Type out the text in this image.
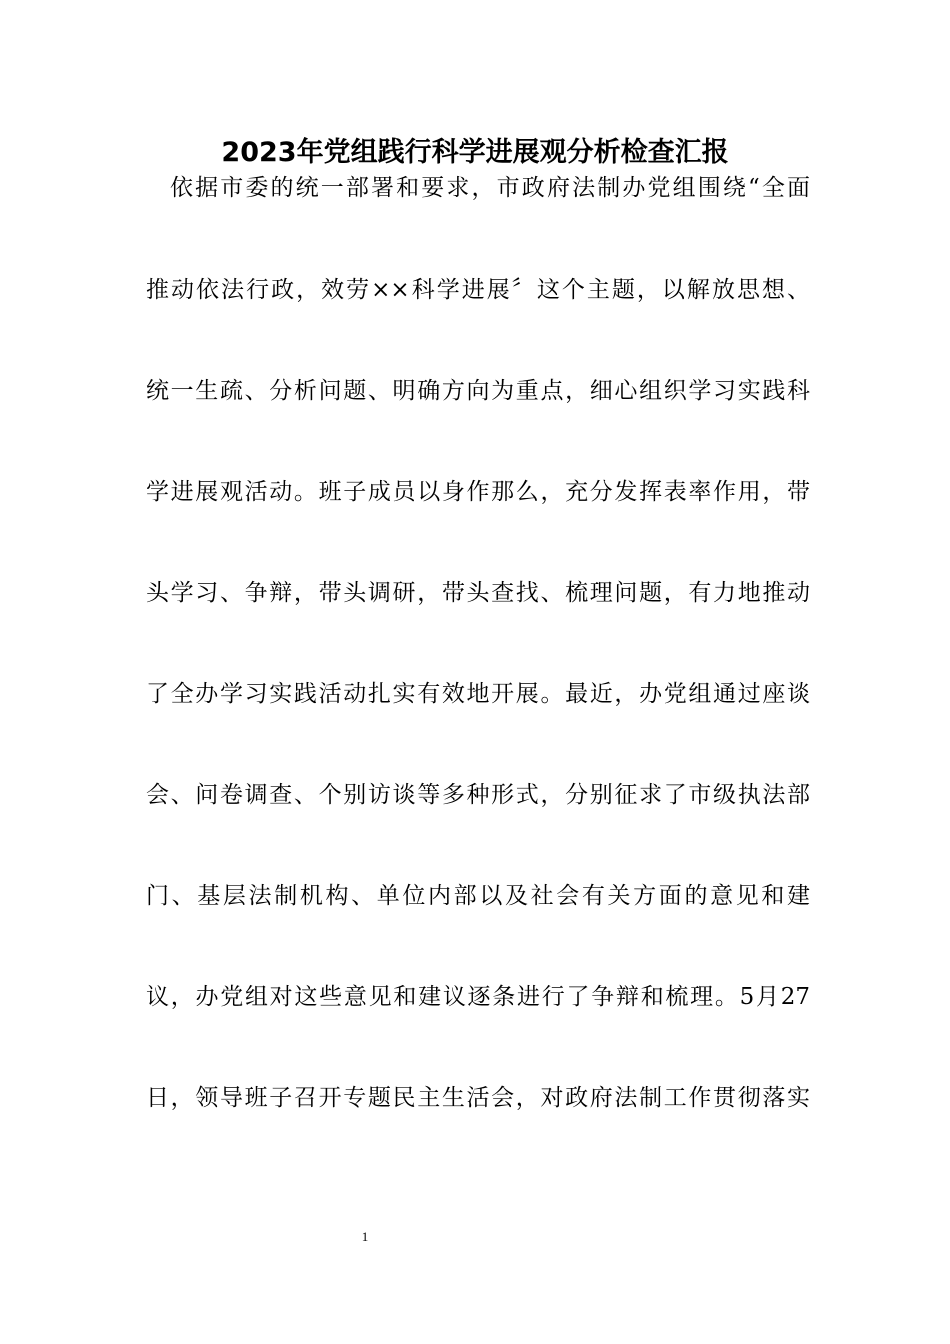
2023年党组践行科学进展观分析检查汇报
依据市委的统一部署和要求，市政府法制办党组围绕“全面
推动依法行政，效劳××科学进展〞这个主题，以解放思想、
统一生疏、分析问题、明确方向为重点，细心组织学习实践科
学进展观活动。班子成员以身作那么，充分发挥表率作用，带
头学习、争辩，带头调研，带头查找、梳理问题，有力地推动
了全办学习实践活动扎实有效地开展。最近，办党组通过座谈
会、问卷调查、个别访谈等多种形式，分别征求了市级执法部
门、基层法制机构、单位内部以及社会有关方面的意见和建
议，办党组对这些意见和建议逐条进行了争辩和梳理。5月27
日，领导班子召开专题民主生活会，对政府法制工作贯彻落实
1
